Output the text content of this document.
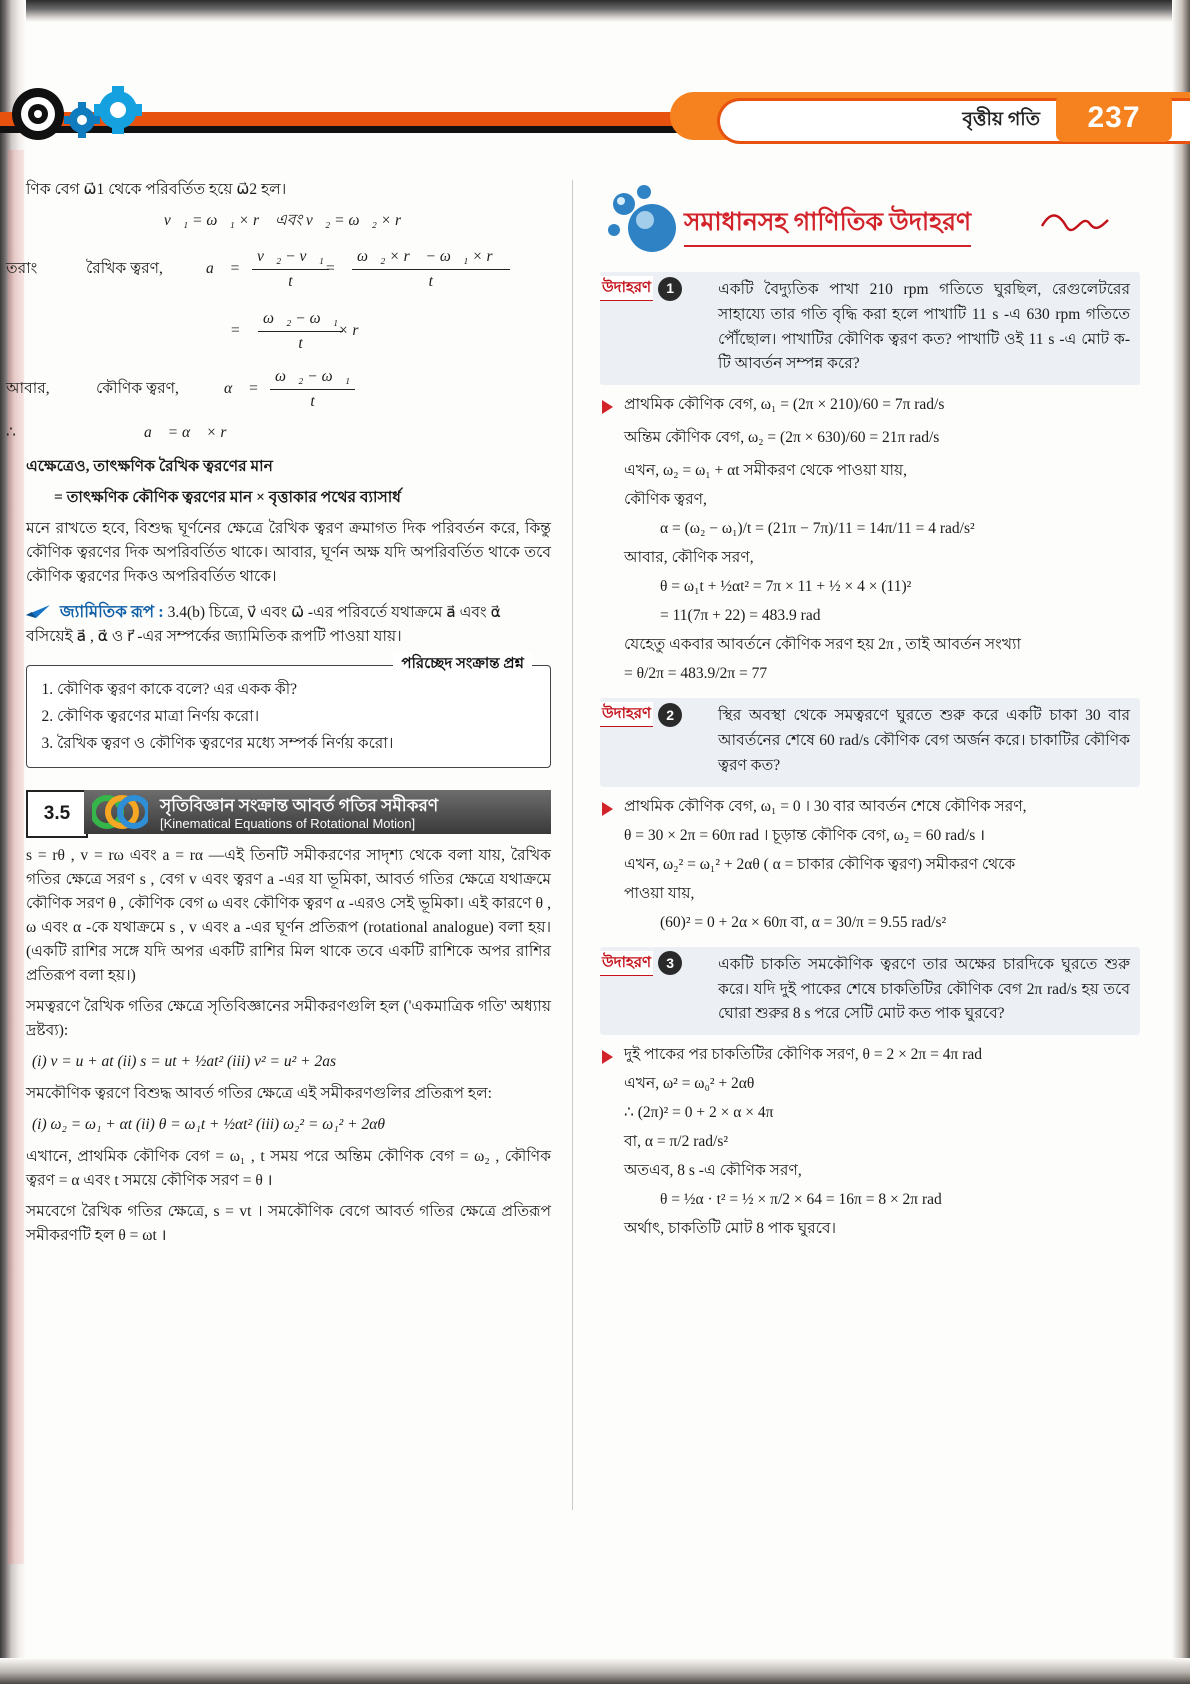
বৃত্তীয় গতি 237

ণিক বেগ ω⃗1 থেকে পরিবর্তিত হয়ে ω⃗2 হল।

v⃗₁ = ω⃗₁ × r⃗ এবং v⃗₂ = ω⃗₂ × r⃗
তরাং	রৈখিক ত্বরণ,	a⃗ = $\frac{\text{v⃗₂ − v⃗₁}}{t}$
= $\frac{\text{ω⃗₂ × r⃗ − ω⃗₁ × r⃗}}{t}$
= $\frac{\text{ω⃗₂ − ω⃗₁}}{t}$
× r⃗
আবার,	কৌণিক ত্বরণ,	α⃗ = $\frac{\text{ω⃗₂ − ω⃗₁}}{t}$
∴	a⃗ = α⃗ × r⃗

এক্ষেত্রেও, তাৎক্ষণিক রৈখিক ত্বরণের মান

= তাৎক্ষণিক কৌণিক ত্বরণের মান × বৃত্তাকার পথের ব্যাসার্ধ

মনে রাখতে হবে, বিশুদ্ধ ঘূর্ণনের ক্ষেত্রে রৈখিক ত্বরণ ক্রমাগত দিক পরিবর্তন করে, কিন্তু কৌণিক ত্বরণের দিক অপরিবর্তিত থাকে। আবার, ঘূর্ণন অক্ষ যদি অপরিবর্তিত থাকে তবে কৌণিক ত্বরণের দিকও অপরিবর্তিত থাকে।

জ্যামিতিক রূপ : 3.4(b) চিত্রে, v⃗ এবং ω⃗ -এর পরিবর্তে যথাক্রমে a⃗ এবং α⃗ বসিয়েই a⃗ , α⃗ ও r⃗ -এর সম্পর্কের জ্যামিতিক রূপটি পাওয়া যায়।
পরিচ্ছেদ সংক্রান্ত প্রশ্ন
1. কৌণিক ত্বরণ কাকে বলে? এর একক কী?
2. কৌণিক ত্বরণের মাত্রা নির্ণয় করো।
3. রৈখিক ত্বরণ ও কৌণিক ত্বরণের মধ্যে সম্পর্ক নির্ণয় করো।
3.5	সৃতিবিজ্ঞান সংক্রান্ত আবর্ত গতির সমীকরণ
[Kinematical Equations of Rotational Motion]

s = rθ , v = rω এবং a = rα —এই তিনটি সমীকরণের সাদৃশ্য থেকে বলা যায়, রৈখিক গতির ক্ষেত্রে সরণ s , বেগ v এবং ত্বরণ a -এর যা ভূমিকা, আবর্ত গতির ক্ষেত্রে যথাক্রমে কৌণিক সরণ θ , কৌণিক বেগ ω এবং কৌণিক ত্বরণ α -এরও সেই ভূমিকা। এই কারণে θ , ω এবং α -কে যথাক্রমে s , v এবং a -এর ঘূর্ণন প্রতিরূপ (rotational analogue) বলা হয়। (একটি রাশির সঙ্গে যদি অপর একটি রাশির মিল থাকে তবে একটি রাশিকে অপর রাশির প্রতিরূপ বলা হয়।)

সমত্বরণে রৈখিক গতির ক্ষেত্রে সৃতিবিজ্ঞানের সমীকরণগুলি হল ('একমাত্রিক গতি' অধ্যায় দ্রষ্টব্য):

(i) v = u + at (ii) s = ut + ½at² (iii) v² = u² + 2as

সমকৌণিক ত্বরণে বিশুদ্ধ আবর্ত গতির ক্ষেত্রে এই সমীকরণগুলির প্রতিরূপ হল:

(i) ω₂ = ω₁ + αt (ii) θ = ω₁t + ½αt² (iii) ω₂² = ω₁² + 2αθ

এখানে, প্রাথমিক কৌণিক বেগ = ω₁ , t সময় পরে অন্তিম কৌণিক বেগ = ω₂ , কৌণিক ত্বরণ = α এবং t সময়ে কৌণিক সরণ = θ ।

সমবেগে রৈখিক গতির ক্ষেত্রে, s = vt । সমকৌণিক বেগে আবর্ত গতির ক্ষেত্রে প্রতিরূপ সমীকরণটি হল θ = ωt ।

সমাধানসহ গাণিতিক উদাহরণ
উদাহরণ	1	একটি বৈদ্যুতিক পাখা 210 rpm গতিতে ঘুরছিল, রেগুলেটরের সাহায্যে তার গতি বৃদ্ধি করা হলে পাখাটি 11 s -এ 630 rpm গতিতে পৌঁছোল। পাখাটির কৌণিক ত্বরণ কত? পাখাটি ওই 11 s -এ মোট ক-টি আবর্তন সম্পন্ন করে?
প্রাথমিক কৌণিক বেগ, ω₁ = (2π × 210)/60 = 7π rad/s
অন্তিম কৌণিক বেগ, ω₂ = (2π × 630)/60 = 21π rad/s
এখন, ω₂ = ω₁ + αt সমীকরণ থেকে পাওয়া যায়,
কৌণিক ত্বরণ,
α = (ω₂ − ω₁)/t = (21π − 7π)/11 = 14π/11 = 4 rad/s²
আবার, কৌণিক সরণ,
θ = ω₁t + ½αt² = 7π × 11 + ½ × 4 × (11)²
= 11(7π + 22) = 483.9 rad
যেহেতু একবার আবর্তনে কৌণিক সরণ হয় 2π , তাই আবর্তন সংখ্যা
= θ/2π = 483.9/2π = 77
উদাহরণ	2	স্থির অবস্থা থেকে সমত্বরণে ঘুরতে শুরু করে একটি চাকা 30 বার আবর্তনের শেষে 60 rad/s কৌণিক বেগ অর্জন করে। চাকাটির কৌণিক ত্বরণ কত?
প্রাথমিক কৌণিক বেগ, ω₁ = 0 । 30 বার আবর্তন শেষে কৌণিক সরণ,
θ = 30 × 2π = 60π rad । চূড়ান্ত কৌণিক বেগ, ω₂ = 60 rad/s ।
এখন, ω₂² = ω₁² + 2αθ ( α = চাকার কৌণিক ত্বরণ) সমীকরণ থেকে
পাওয়া যায়,
(60)² = 0 + 2α × 60π বা, α = 30/π = 9.55 rad/s²
উদাহরণ	3	একটি চাকতি সমকৌণিক ত্বরণে তার অক্ষের চারদিকে ঘুরতে শুরু করে। যদি দুই পাকের শেষে চাকতিটির কৌণিক বেগ 2π rad/s হয় তবে ঘোরা শুরুর 8 s পরে সেটি মোট কত পাক ঘুরবে?
দুই পাকের পর চাকতিটির কৌণিক সরণ, θ = 2 × 2π = 4π rad
এখন, ω² = ω₀² + 2αθ
∴ (2π)² = 0 + 2 × α × 4π
বা, α = π/2 rad/s²
অতএব, 8 s -এ কৌণিক সরণ,
θ = ½α · t² = ½ × π/2 × 64 = 16π = 8 × 2π rad
অর্থাৎ, চাকতিটি মোট 8 পাক ঘুরবে।
